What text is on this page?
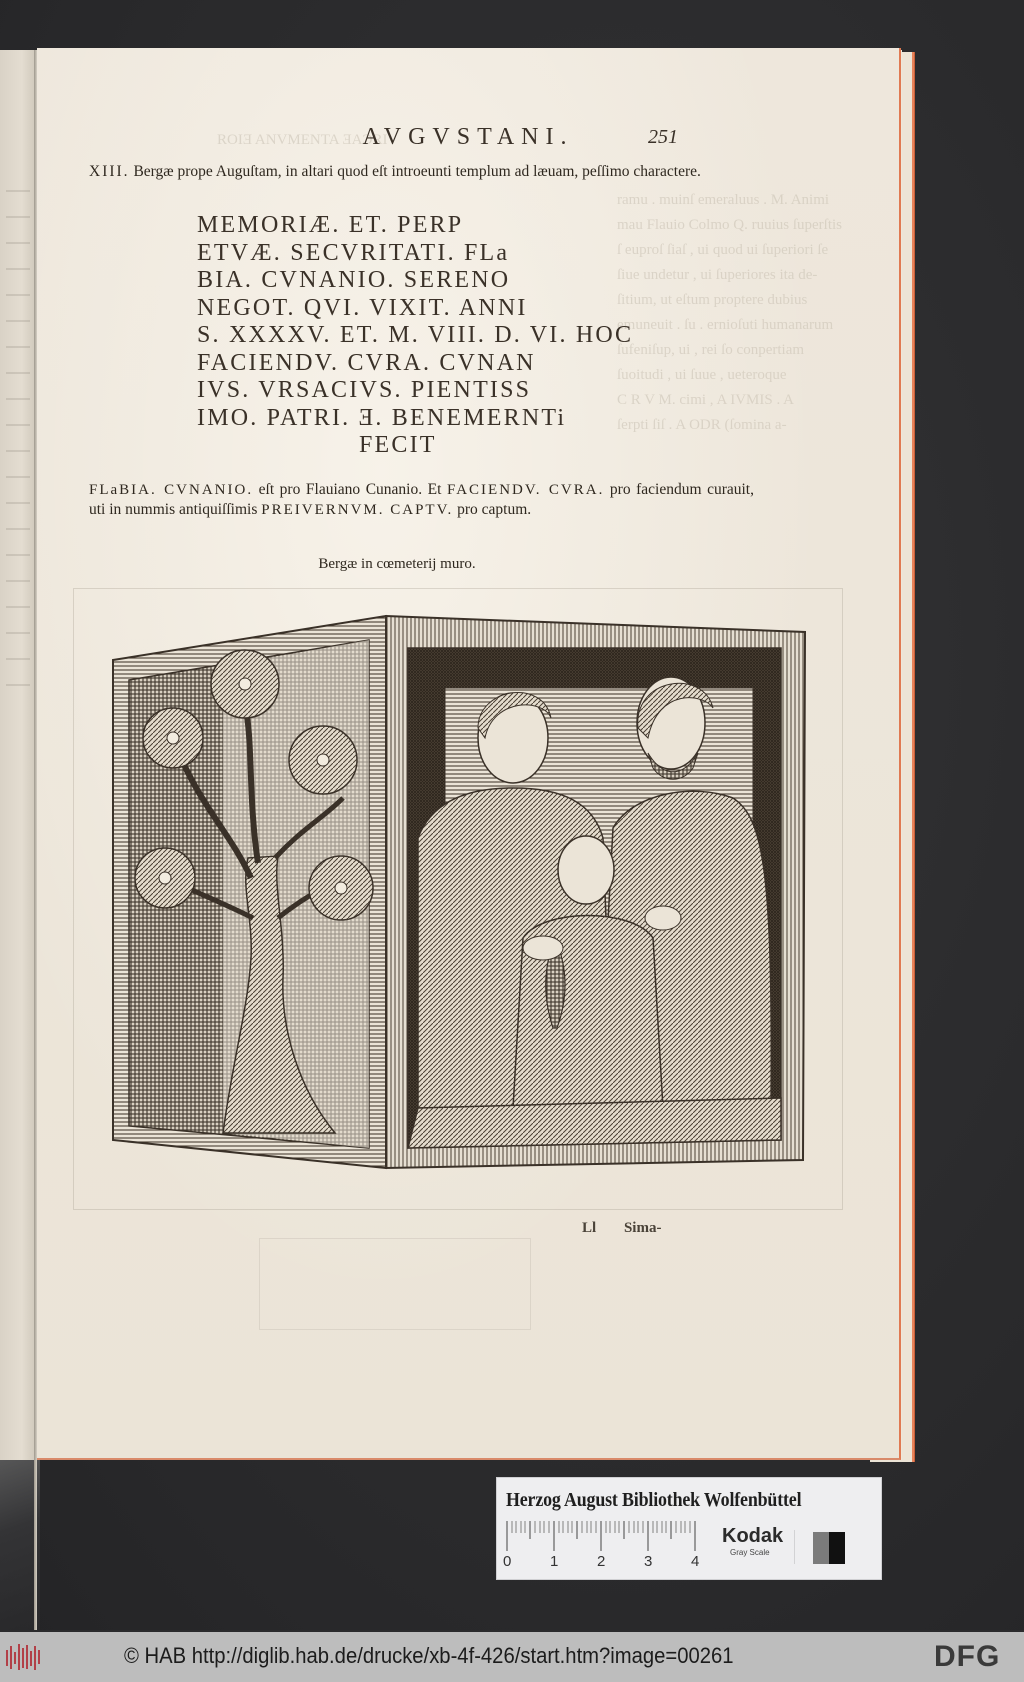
ROIƎ ANVMENTA ƎAƆRI
ramu . muinſ emeraluus . M. Animi
mau Flauio Colmo Q. ruuius ſuperſtis
ſ euproſ ſiaſ , ui quod ui ſuperiori ſe
ſiue undetur , ui ſuperiores ita de-
ſitium, ut eſtum proptere dubius
emuneuit . ſu . ernioſuti humanarum
ſufeniſup, ui , rei ſo conpertiam
ſuoitudi , ui ſuue , ueteroque
C R V M. cimi , A IVMIS . A
ſerpti ſiſ . A ODR (ſomina a-
AVGVSTANI.	251
XIII. Bergæ prope Auguſtam, in altari quod eſt introeunti templum ad læuam, peſſimo charactere.
MEMORIÆ. ET. PERP
ETVÆ. SECVRITATI. FLa
BIA. CVNANIO. SERENO
NEGOT. QVI. VIXIT. ANNI
S. XXXXV. ET. M. VIII. D. VI. HOC
FACIENDV. CVRA. CVNAN
IVS. VRSACIVS. PIENTISS
IMO. PATRI. Ǝ. BENEMERNTi
FECIT
FLaBIA. CVNANIO. eſt pro Flauiano Cunanio. Et FACIENDV. CVRA. pro faciendum curauit, uti in nummis antiquiſſimis PREIVERNVM. CAPTV. pro captum.
Bergæ in cœmeterij muro.
Ll Sima-
Herzog August Bibliothek Wolfenbüttel
0	1	2	3	4
Kodak
Gray Scale
© HAB http://diglib.hab.de/drucke/xb-4f-426/start.htm?image=00261	DFG
